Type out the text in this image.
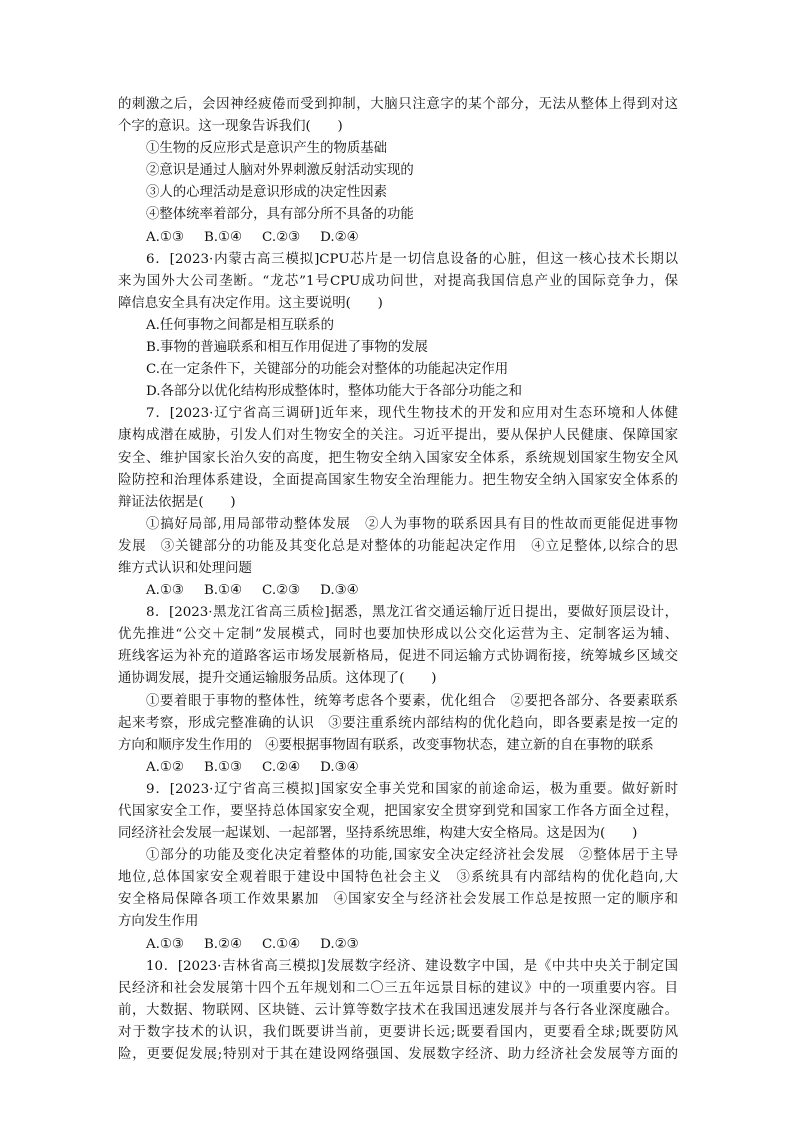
的刺激之后，会因神经疲倦而受到抑制，大脑只注意字的某个部分，无法从整体上得到对这
个字的意识。这一现象告诉我们(　　)
①生物的反应形式是意识产生的物质基础
②意识是通过人脑对外界刺激反射活动实现的
③人的心理活动是意识形成的决定性因素
④整体统率着部分，具有部分所不具备的功能
A.①③ B.①④ C.②③ D.②④
6．[2023·内蒙古高三模拟]CPU芯片是一切信息设备的心脏，但这一核心技术长期以
来为国外大公司垄断。“龙芯”1号CPU成功问世，对提高我国信息产业的国际竞争力，保
障信息安全具有决定作用。这主要说明(　　)
A.任何事物之间都是相互联系的
B.事物的普遍联系和相互作用促进了事物的发展
C.在一定条件下，关键部分的功能会对整体的功能起决定作用
D.各部分以优化结构形成整体时，整体功能大于各部分功能之和
7．[2023·辽宁省高三调研]近年来，现代生物技术的开发和应用对生态环境和人体健
康构成潜在威胁，引发人们对生物安全的关注。习近平提出，要从保护人民健康、保障国家
安全、维护国家长治久安的高度，把生物安全纳入国家安全体系，系统规划国家生物安全风
险防控和治理体系建设，全面提高国家生物安全治理能力。把生物安全纳入国家安全体系的
辩证法依据是(　　)
①搞好局部,用局部带动整体发展　②人为事物的联系因具有目的性故而更能促进事物
发展　③关键部分的功能及其变化总是对整体的功能起决定作用　④立足整体,以综合的思
维方式认识和处理问题
A.①③ B.①④ C.②③ D.③④
8．[2023·黑龙江省高三质检]据悉，黑龙江省交通运输厅近日提出，要做好顶层设计，
优先推进“公交＋定制”发展模式，同时也要加快形成以公交化运营为主、定制客运为辅、
班线客运为补充的道路客运市场发展新格局，促进不同运输方式协调衔接，统筹城乡区域交
通协调发展，提升交通运输服务品质。这体现了(　　)
①要着眼于事物的整体性，统筹考虑各个要素，优化组合　②要把各部分、各要素联系
起来考察，形成完整准确的认识　③要注重系统内部结构的优化趋向，即各要素是按一定的
方向和顺序发生作用的　④要根据事物固有联系，改变事物状态，建立新的自在事物的联系
A.①② B.①③ C.②④ D.③④
9．[2023·辽宁省高三模拟]国家安全事关党和国家的前途命运，极为重要。做好新时
代国家安全工作，要坚持总体国家安全观，把国家安全贯穿到党和国家工作各方面全过程，
同经济社会发展一起谋划、一起部署，坚持系统思维，构建大安全格局。这是因为(　　)
①部分的功能及变化决定着整体的功能,国家安全决定经济社会发展　②整体居于主导
地位,总体国家安全观着眼于建设中国特色社会主义　③系统具有内部结构的优化趋向,大
安全格局保障各项工作效果累加　④国家安全与经济社会发展工作总是按照一定的顺序和
方向发生作用
A.①③ B.②④ C.①④ D.②③
10．[2023·吉林省高三模拟]发展数字经济、建设数字中国，是《中共中央关于制定国
民经济和社会发展第十四个五年规划和二〇三五年远景目标的建议》中的一项重要内容。目
前，大数据、物联网、区块链、云计算等数字技术在我国迅速发展并与各行各业深度融合。
对于数字技术的认识，我们既要讲当前，更要讲长远;既要看国内，更要看全球;既要防风
险，更要促发展;特别对于其在建设网络强国、发展数字经济、助力经济社会发展等方面的
